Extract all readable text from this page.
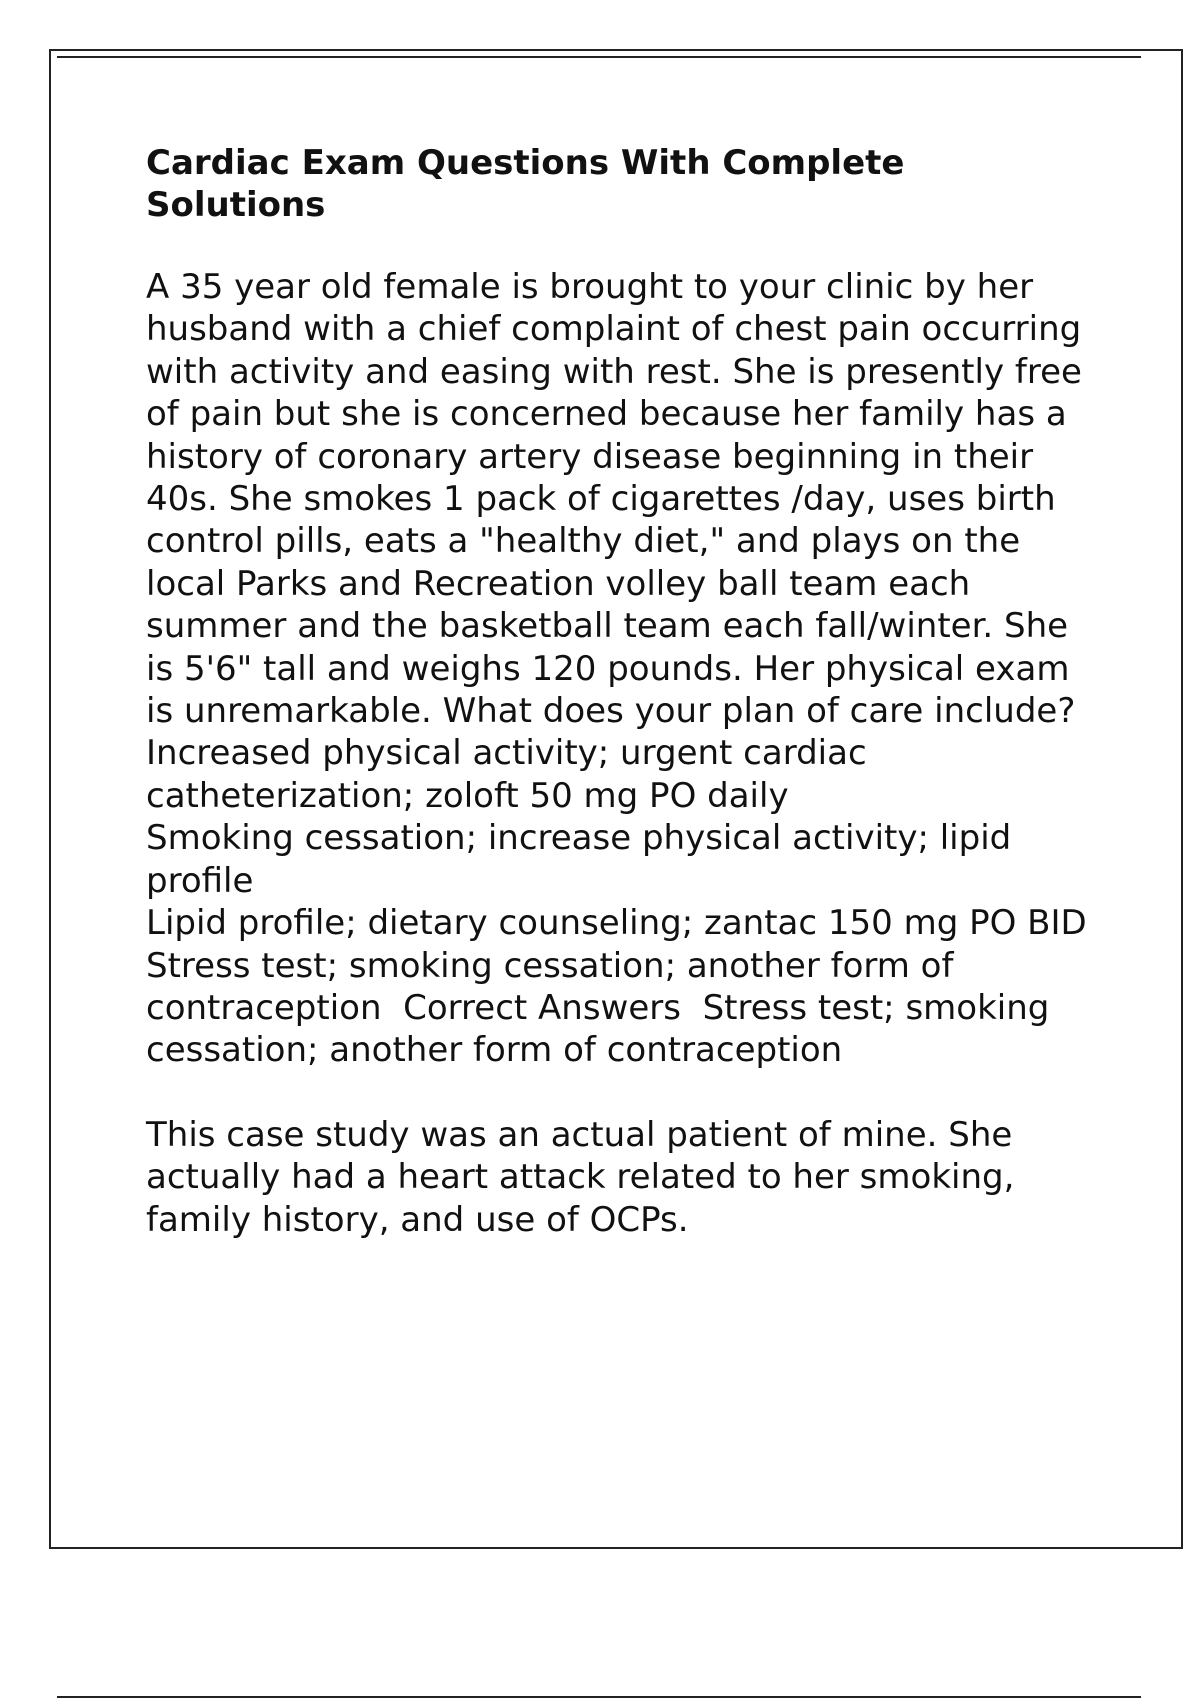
Cardiac Exam Questions With Complete Solutions

A 35 year old female is brought to your clinic by her husband with a chief complaint of chest pain occurring with activity and easing with rest. She is presently free of pain but she is concerned because her family has a history of coronary artery disease beginning in their 40s. She smokes 1 pack of cigarettes /day, uses birth control pills, eats a "healthy diet," and plays on the local Parks and Recreation volley ball team each summer and the basketball team each fall/winter. She is 5'6" tall and weighs 120 pounds. Her physical exam is unremarkable. What does your plan of care include?

Increased physical activity; urgent cardiac catheterization; zoloft 50 mg PO daily

Smoking cessation; increase physical activity; lipid profile

Lipid profile; dietary counseling; zantac 150 mg PO BID

Stress test; smoking cessation; another form of contraception  Correct Answers  Stress test; smoking cessation; another form of contraception

This case study was an actual patient of mine. She actually had a heart attack related to her smoking, family history, and use of OCPs.
